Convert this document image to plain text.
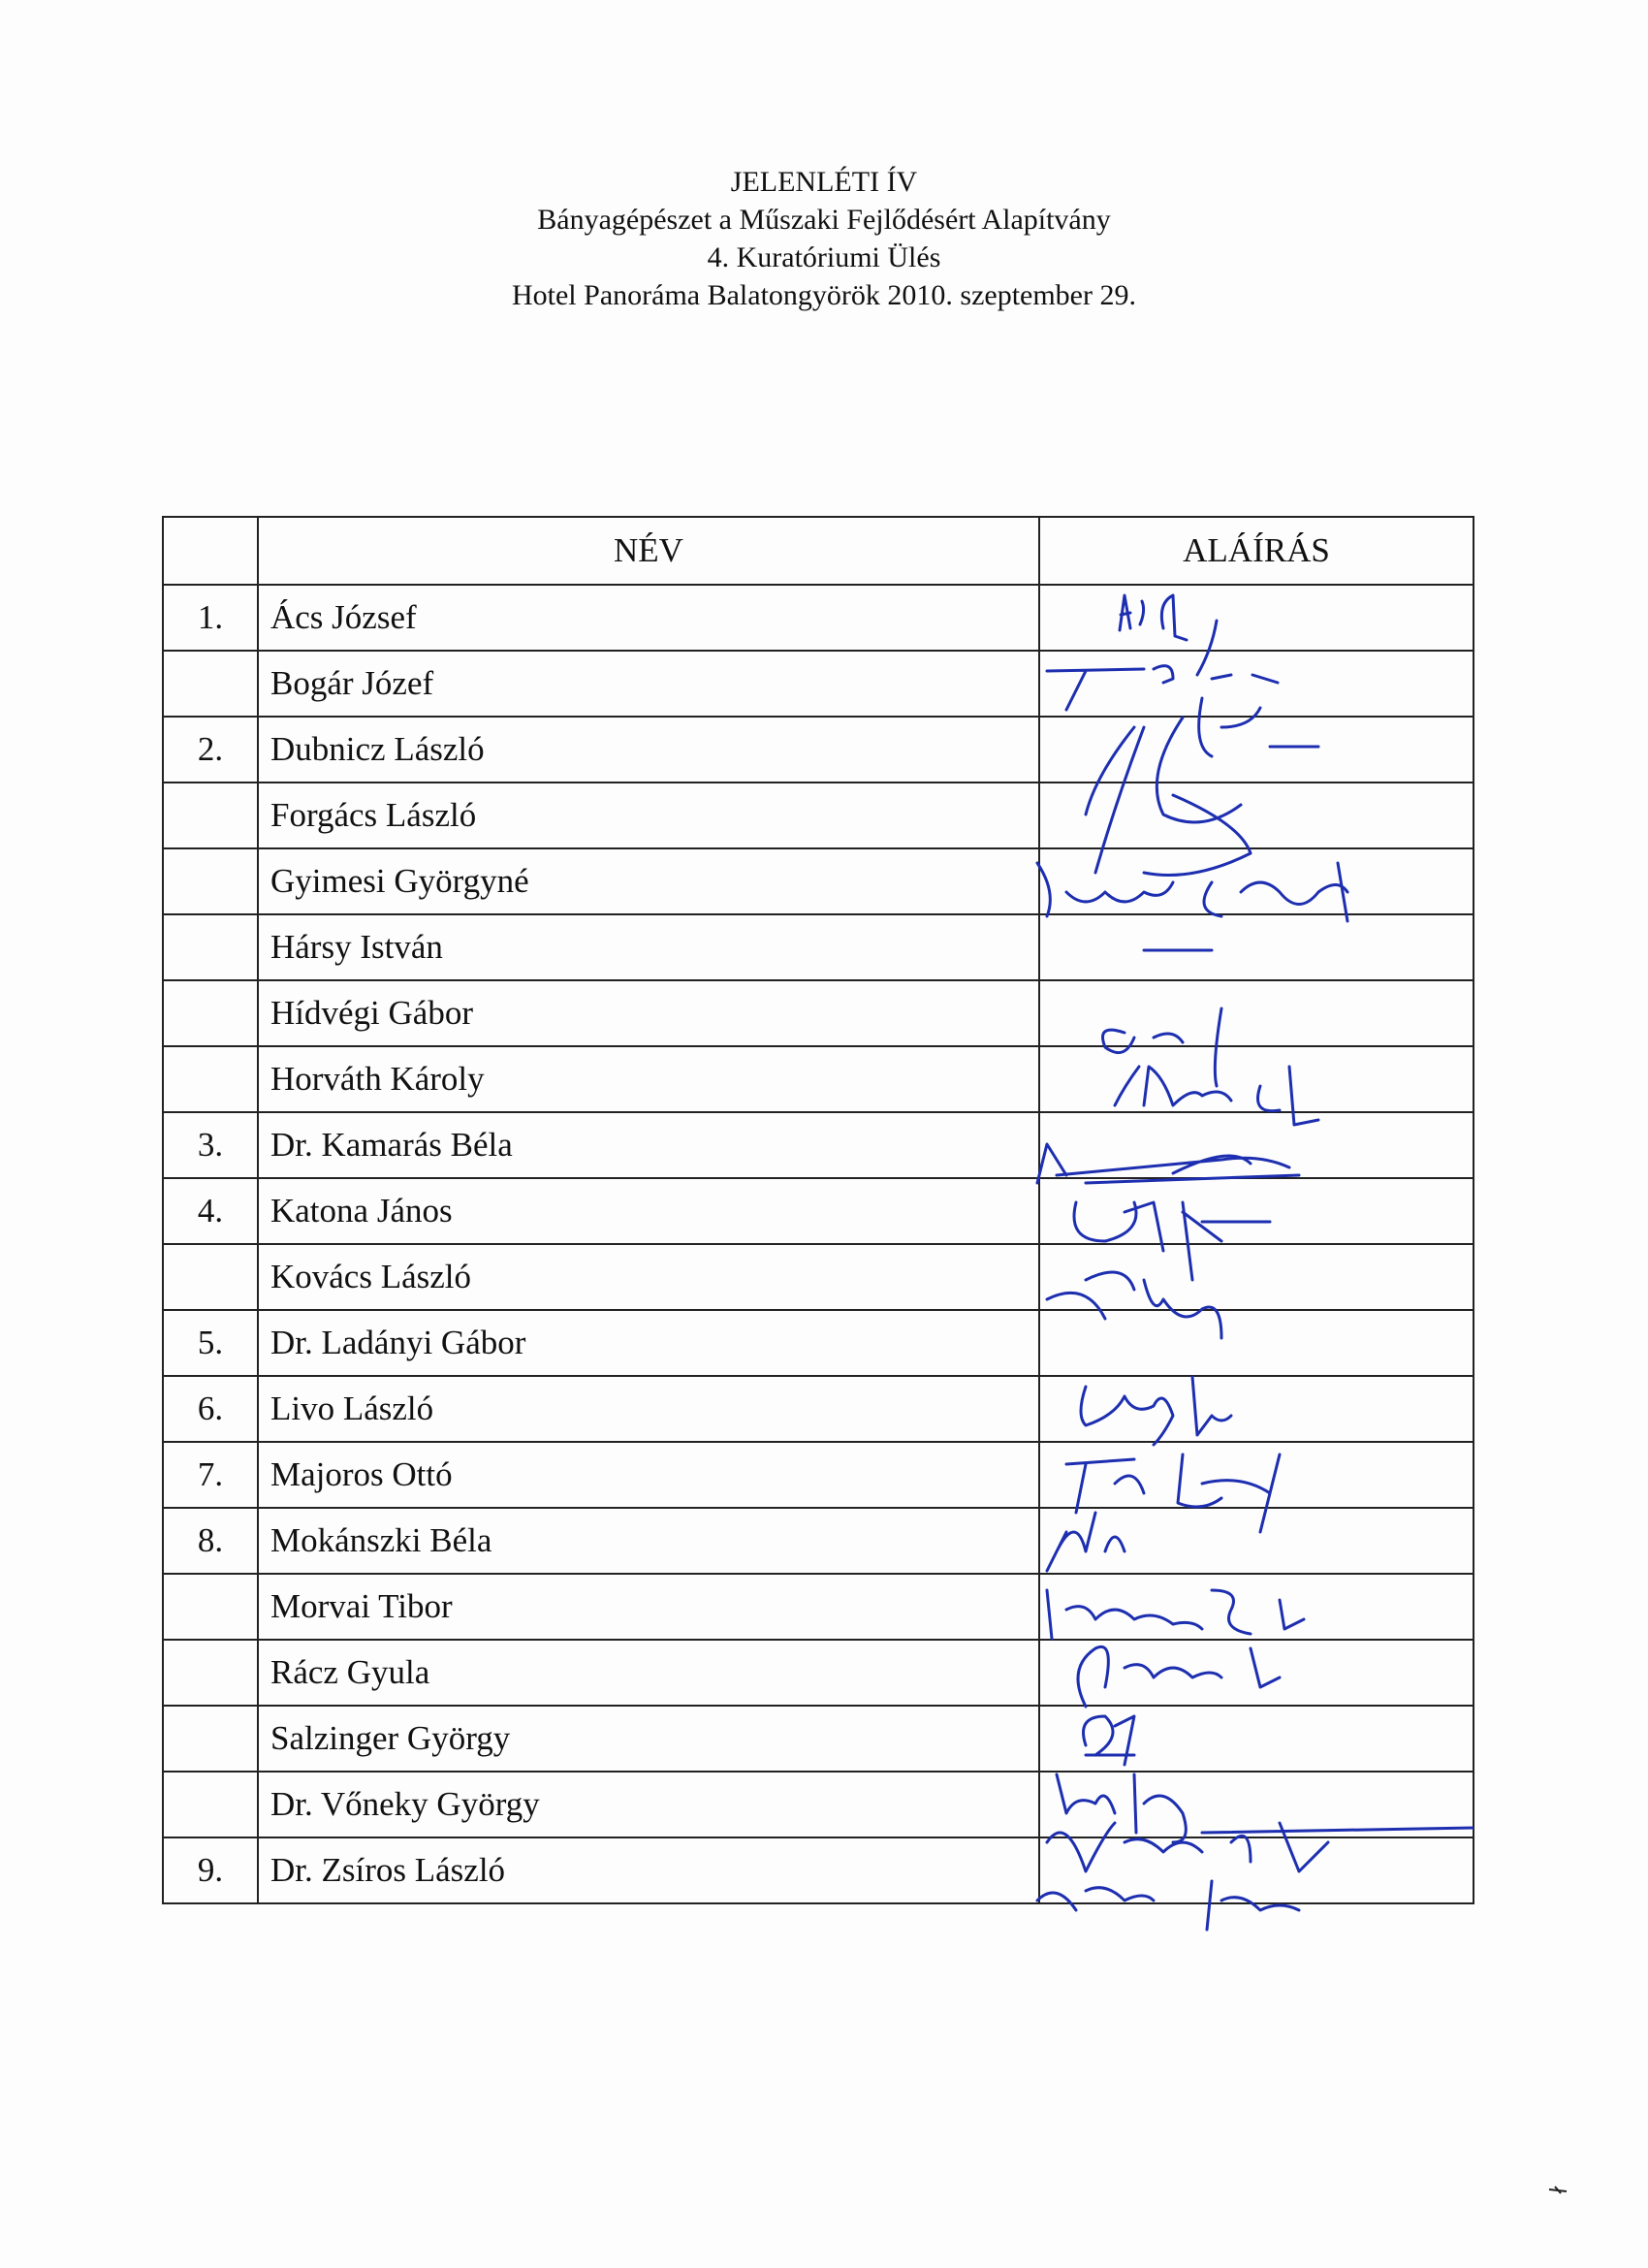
JELENLÉTI ÍV
Bányagépészet a Műszaki Fejlődésért Alapítvány
4. Kuratóriumi Ülés
Hotel Panoráma Balatongyörök 2010. szeptember 29.
	NÉV	ALÁÍRÁS
1.	Ács József	
	Bogár Józef	
2.	Dubnicz László	
	Forgács László	
	Gyimesi Györgyné	
	Hársy István	
	Hídvégi Gábor	
	Horváth Károly	
3.	Dr. Kamarás Béla	
4.	Katona János	
	Kovács László	
5.	Dr. Ladányi Gábor	
6.	Livo László	
7.	Majoros Ottó	
8.	Mokánszki Béla	
	Morvai Tibor	
	Rácz Gyula	
	Salzinger György	
	Dr. Vőneky György	
9.	Dr. Zsíros László	
